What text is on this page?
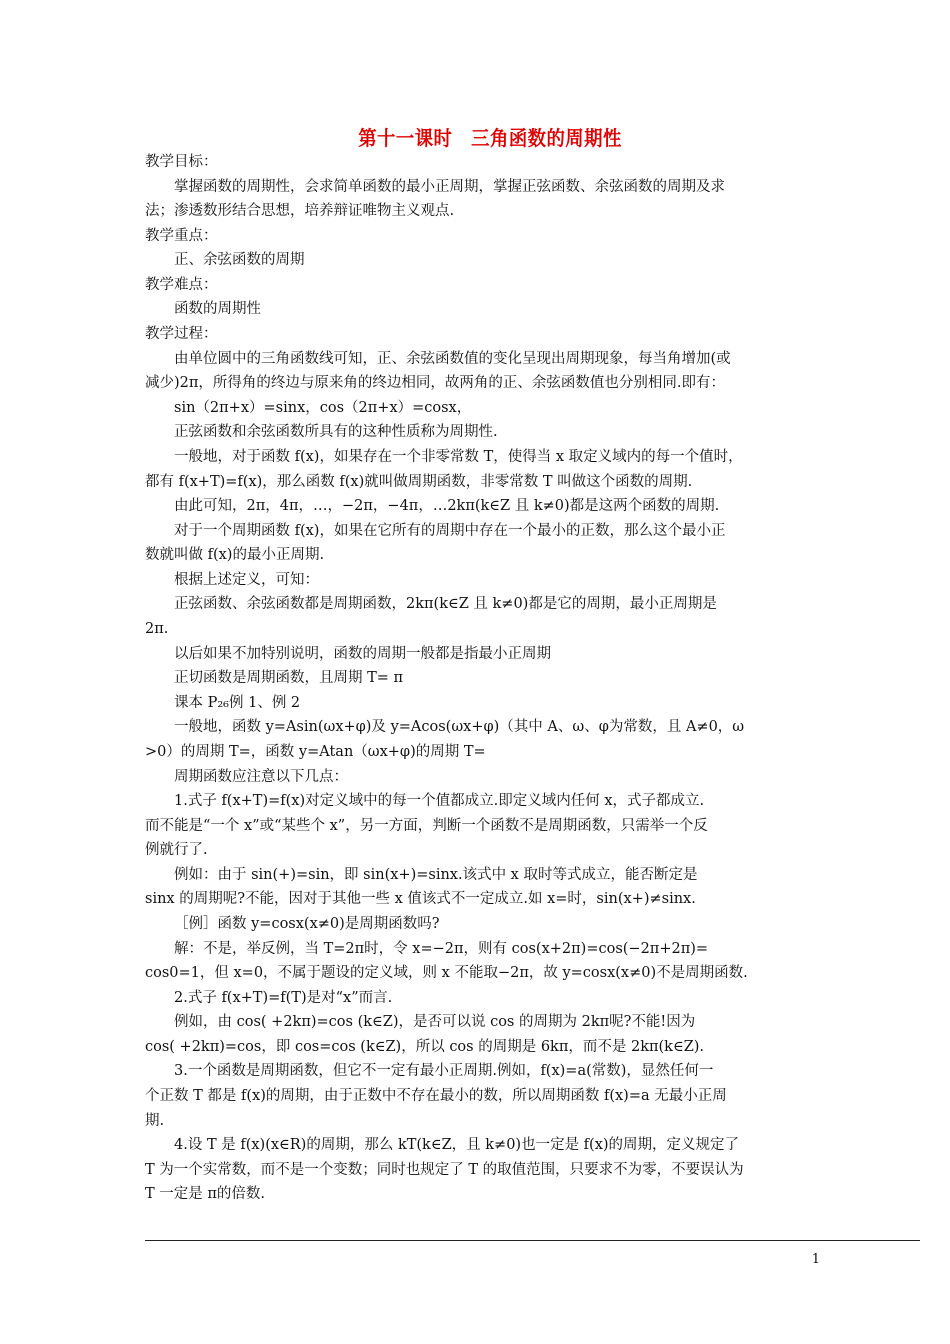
第十一课时　三角函数的周期性
教学目标：
掌握函数的周期性，会求简单函数的最小正周期，掌握正弦函数、余弦函数的周期及求
法；渗透数形结合思想，培养辩证唯物主义观点.
教学重点：
正、余弦函数的周期
教学难点：
函数的周期性
教学过程：
由单位圆中的三角函数线可知，正、余弦函数值的变化呈现出周期现象，每当角增加(或
减少)2π，所得角的终边与原来角的终边相同，故两角的正、余弦函数值也分别相同.即有：
sin（2π+x）=sinx，cos（2π+x）=cosx，
正弦函数和余弦函数所具有的这种性质称为周期性.
一般地，对于函数 f(x)，如果存在一个非零常数 T，使得当 x 取定义域内的每一个值时，
都有 f(x+T)=f(x)，那么函数 f(x)就叫做周期函数，非零常数 T 叫做这个函数的周期.
由此可知，2π，4π，…，−2π，−4π，…2kπ(k∈Z 且 k≠0)都是这两个函数的周期.
对于一个周期函数 f(x)，如果在它所有的周期中存在一个最小的正数，那么这个最小正
数就叫做 f(x)的最小正周期.
根据上述定义，可知：
正弦函数、余弦函数都是周期函数，2kπ(k∈Z 且 k≠0)都是它的周期，最小正周期是
2π.
以后如果不加特别说明，函数的周期一般都是指最小正周期
正切函数是周期函数，且周期 T= π
课本 P₂₆例 1、例 2
一般地，函数 y=Asin(ωx+φ)及 y=Acos(ωx+φ)（其中 A、ω、φ为常数，且 A≠0，ω
>0）的周期 T=，函数 y=Atan（ωx+φ)的周期 T=
周期函数应注意以下几点：
1.式子 f(x+T)=f(x)对定义域中的每一个值都成立.即定义域内任何 x，式子都成立.
而不能是“一个 x”或“某些个 x”，另一方面，判断一个函数不是周期函数，只需举一个反
例就行了.
例如：由于 sin(+)=sin，即 sin(x+)=sinx.该式中 x 取时等式成立，能否断定是
sinx 的周期呢?不能，因对于其他一些 x 值该式不一定成立.如 x=时，sin(x+)≠sinx.
［例］函数 y=cosx(x≠0)是周期函数吗?
解：不是，举反例，当 T=2π时，令 x=−2π，则有 cos(x+2π)=cos(−2π+2π)=
cos0=1，但 x=0，不属于题设的定义域，则 x 不能取−2π，故 y=cosx(x≠0)不是周期函数.
2.式子 f(x+T)=f(T)是对“x”而言.
例如，由 cos( +2kπ)=cos (k∈Z)，是否可以说 cos 的周期为 2kπ呢?不能!因为
cos( +2kπ)=cos，即 cos=cos (k∈Z)，所以 cos 的周期是 6kπ，而不是 2kπ(k∈Z).
3.一个函数是周期函数，但它不一定有最小正周期.例如，f(x)=a(常数)，显然任何一
个正数 T 都是 f(x)的周期，由于正数中不存在最小的数，所以周期函数 f(x)=a 无最小正周
期.
4.设 T 是 f(x)(x∈R)的周期，那么 kT(k∈Z，且 k≠0)也一定是 f(x)的周期，定义规定了
T 为一个实常数，而不是一个变数；同时也规定了 T 的取值范围，只要求不为零，不要误认为
T 一定是 π的倍数.
1
